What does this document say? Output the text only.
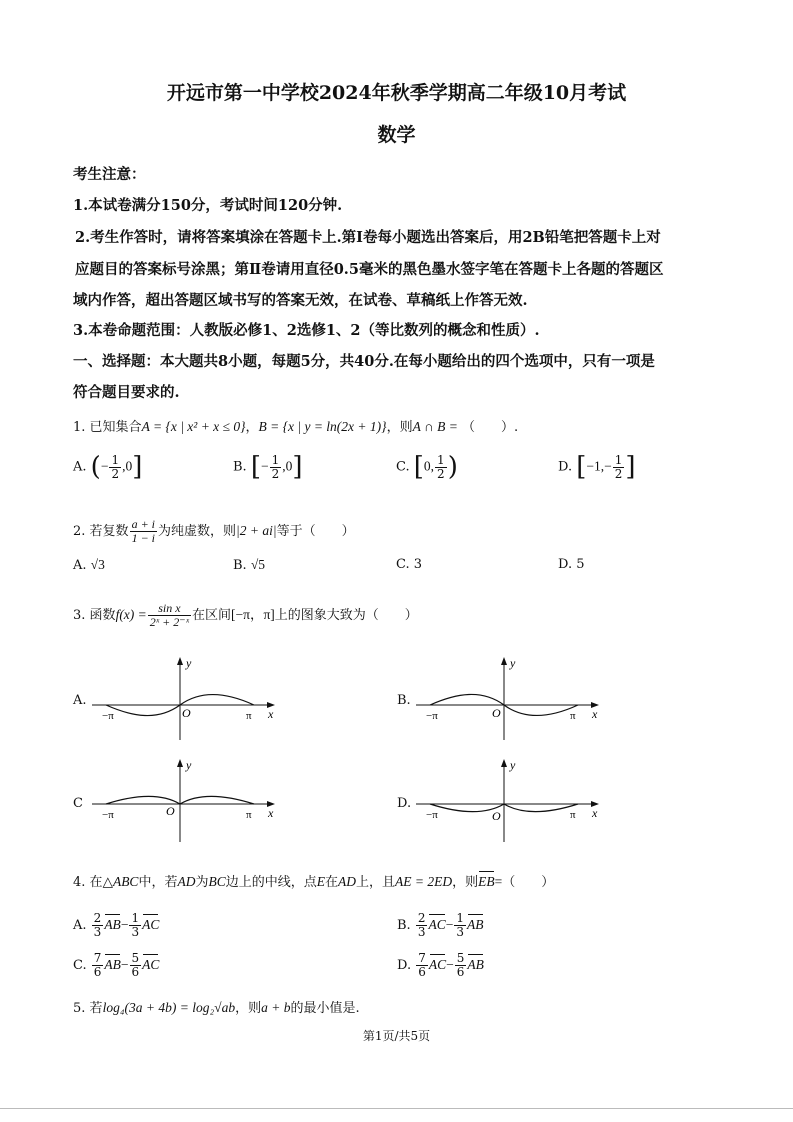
开远市第一中学校2024年秋季学期高二年级10月考试
数学
考生注意：
1.本试卷满分150分，考试时间120分钟.
2.考生作答时，请将答案填涂在答题卡上.第Ⅰ卷每小题选出答案后，用2B铅笔把答题卡上对
应题目的答案标号涂黑；第Ⅱ卷请用直径0.5毫米的黑色墨水签字笔在答题卡上各题的答题区
域内作答，超出答题区域书写的答案无效，在试卷、草稿纸上作答无效.
3.本卷命题范围：人教版必修1、2选修1、2（等比数列的概念和性质）.
一、选择题：本大题共8小题，每题5分，共40分.在每小题给出的四个选项中，只有一项是
符合题目要求的.
1. 已知集合A = {x | x² + x ≤ 0}，B = {x | y = ln(2x + 1)}，则A ∩ B = （　　）.
A. (− $\frac{1}{2} ,0$]	B. [− $\frac{1}{2} ,0$]	C. [0, $\frac{1}{2}$ )	D. [$-1,- \frac{1}{2}$ ]
2. 若复数 $\frac{a + i}{1 - i}$ 为纯虚数，则|2 + ai|等于（　　）
A. √3	B. √5	C. 3	D. 5
3. 函数$f(x) = \frac{\text{sin x}}{\text{2ˣ + 2⁻ˣ}}$ 在区间[−π，π]上的图象大致为（　　）
A.
y
x
O
−π	π
B.
y
x
O
−π	π
C
y
x
O
−π	π
D.
y
x
O
−π	π
4. 在△ABC中，若AD为BC边上的中线，点E在AD上，且AE = 2ED，则EB=（　　）
A. $\frac{2}{3} AB- \frac{1}{3}$ AC	B. $\frac{2}{3} AC- \frac{1}{3}$ AB
C. $\frac{7}{6} AB- \frac{5}{6}$ AC	D. $\frac{7}{6} AC- \frac{5}{6}$ AB
5. 若log₄(3a + 4b) = log₂√ab，则a + b的最小值是.
第1页/共5页
